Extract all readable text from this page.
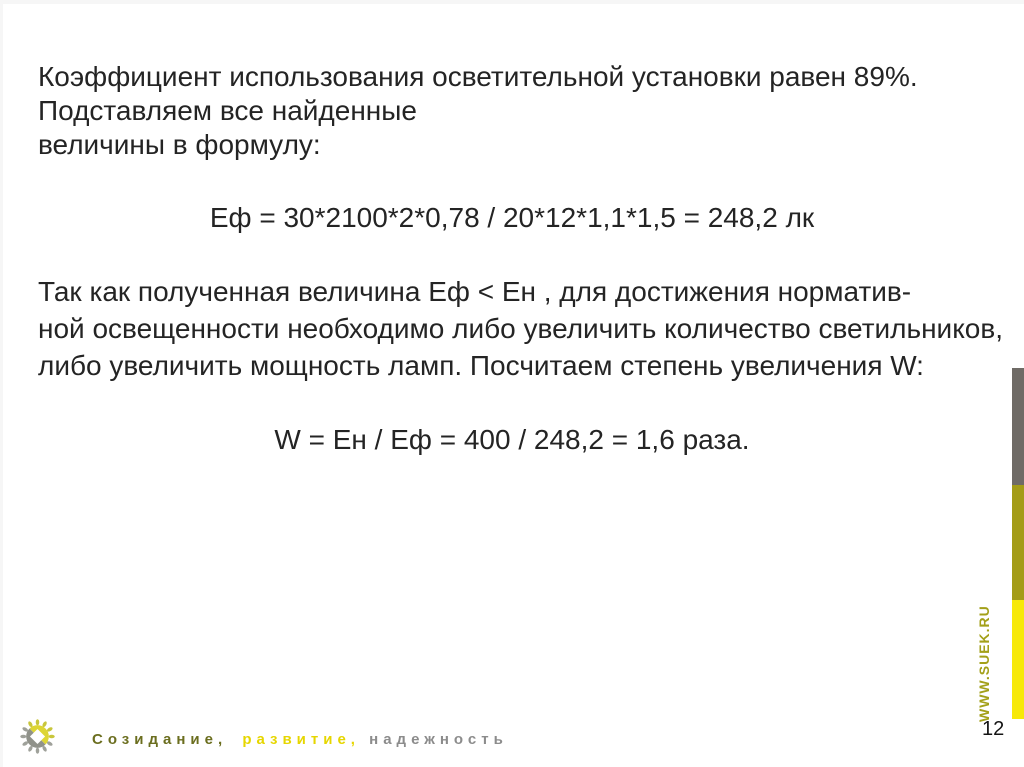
Коэффициент использования осветительной установки равен 89%.
Подставляем все найденные
величины в формулу:
Еф = 30*2100*2*0,78 / 20*12*1,1*1,5 = 248,2 лк
Так как полученная величина Еф < Ен , для достижения норматив-
ной освещенности необходимо либо увеличить количество светильников,
либо увеличить мощность ламп. Посчитаем степень увеличения W:
W = Ен / Еф = 400 / 248,2 = 1,6 раза.
WWW.SUEK.RU
12
Созидание, развитие, надежность
